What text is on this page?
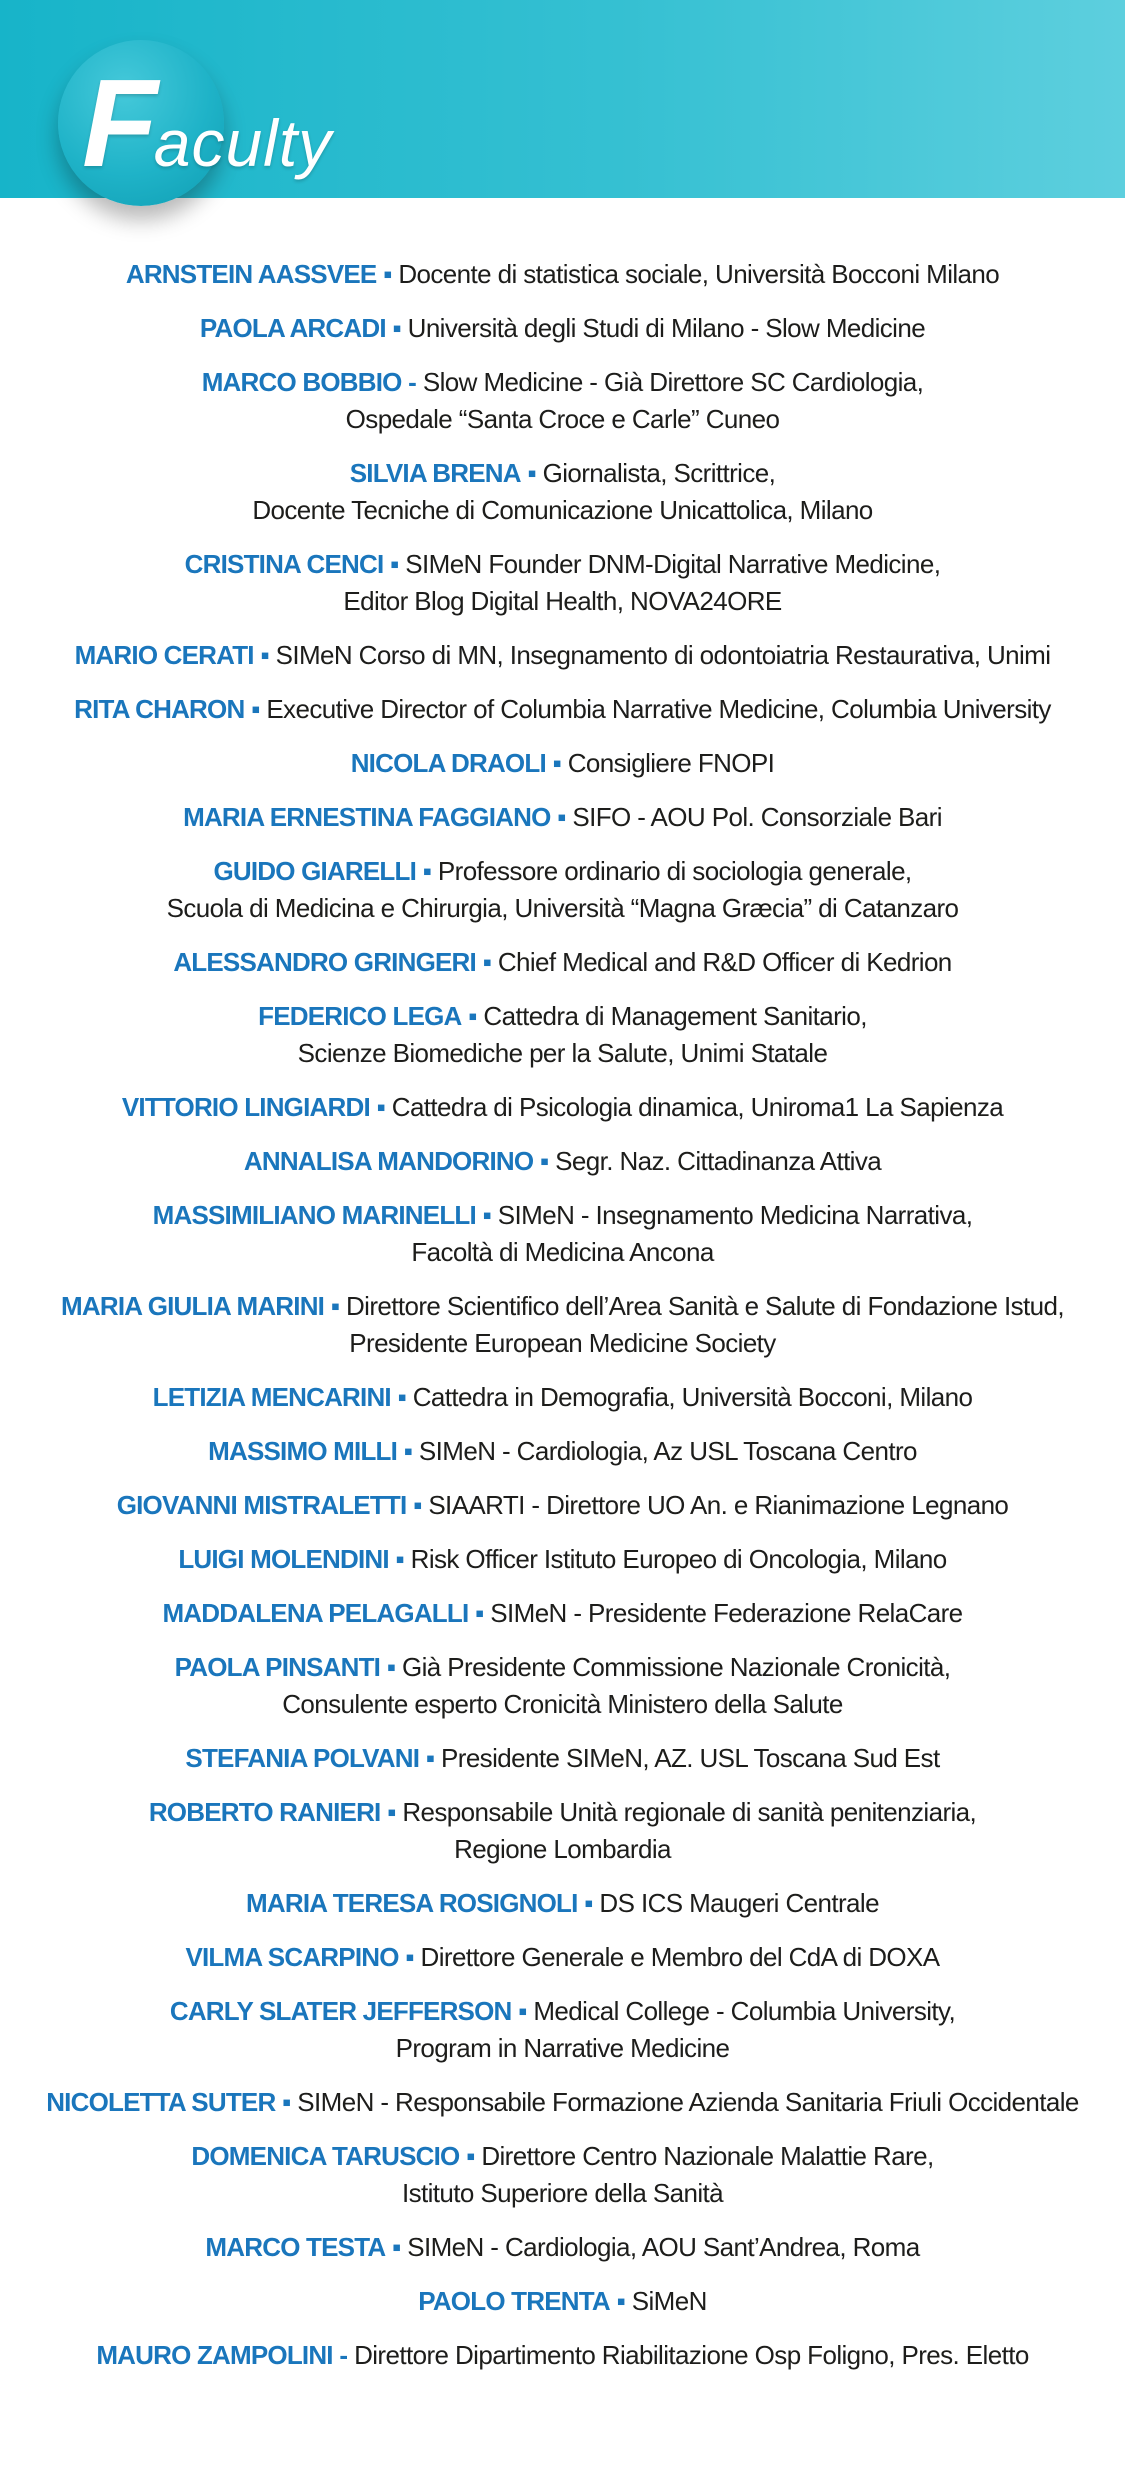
Faculty
ARNSTEIN AASSVEE ▪ Docente di statistica sociale, Università Bocconi Milano
PAOLA ARCADI ▪ Università degli Studi di Milano - Slow Medicine
MARCO BOBBIO - Slow Medicine - Già Direttore SC Cardiologia,
Ospedale “Santa Croce e Carle” Cuneo
SILVIA BRENA ▪ Giornalista, Scrittrice,
Docente Tecniche di Comunicazione Unicattolica, Milano
CRISTINA CENCI ▪ SIMeN Founder DNM-Digital Narrative Medicine,
Editor Blog Digital Health, NOVA24ORE
MARIO CERATI ▪ SIMeN Corso di MN, Insegnamento di odontoiatria Restaurativa, Unimi
RITA CHARON ▪ Executive Director of Columbia Narrative Medicine, Columbia University
NICOLA DRAOLI ▪ Consigliere FNOPI
MARIA ERNESTINA FAGGIANO ▪ SIFO - AOU Pol. Consorziale Bari
GUIDO GIARELLI ▪ Professore ordinario di sociologia generale,
Scuola di Medicina e Chirurgia, Università “Magna Græcia” di Catanzaro
ALESSANDRO GRINGERI ▪ Chief Medical and R&D Officer di Kedrion
FEDERICO LEGA ▪ Cattedra di Management Sanitario,
Scienze Biomediche per la Salute, Unimi Statale
VITTORIO LINGIARDI ▪ Cattedra di Psicologia dinamica, Uniroma1 La Sapienza
ANNALISA MANDORINO ▪ Segr. Naz. Cittadinanza Attiva
MASSIMILIANO MARINELLI ▪ SIMeN - Insegnamento Medicina Narrativa,
Facoltà di Medicina Ancona
MARIA GIULIA MARINI ▪ Direttore Scientifico dell’Area Sanità e Salute di Fondazione Istud,
Presidente European Medicine Society
LETIZIA MENCARINI ▪ Cattedra in Demografia, Università Bocconi, Milano
MASSIMO MILLI ▪ SIMeN - Cardiologia, Az USL Toscana Centro
GIOVANNI MISTRALETTI ▪ SIAARTI - Direttore UO An. e Rianimazione Legnano
LUIGI MOLENDINI ▪ Risk Officer Istituto Europeo di Oncologia, Milano
MADDALENA PELAGALLI ▪ SIMeN - Presidente Federazione RelaCare
PAOLA PINSANTI ▪ Già Presidente Commissione Nazionale Cronicità,
Consulente esperto Cronicità Ministero della Salute
STEFANIA POLVANI ▪ Presidente SIMeN, AZ. USL Toscana Sud Est
ROBERTO RANIERI ▪ Responsabile Unità regionale di sanità penitenziaria,
Regione Lombardia
MARIA TERESA ROSIGNOLI ▪ DS ICS Maugeri Centrale
VILMA SCARPINO ▪ Direttore Generale e Membro del CdA di DOXA
CARLY SLATER JEFFERSON ▪ Medical College - Columbia University,
Program in Narrative Medicine
NICOLETTA SUTER ▪ SIMeN - Responsabile Formazione Azienda Sanitaria Friuli Occidentale
DOMENICA TARUSCIO ▪ Direttore Centro Nazionale Malattie Rare,
Istituto Superiore della Sanità
MARCO TESTA ▪ SIMeN - Cardiologia, AOU Sant’Andrea, Roma
PAOLO TRENTA ▪ SiMeN
MAURO ZAMPOLINI - Direttore Dipartimento Riabilitazione Osp Foligno, Pres. Eletto
